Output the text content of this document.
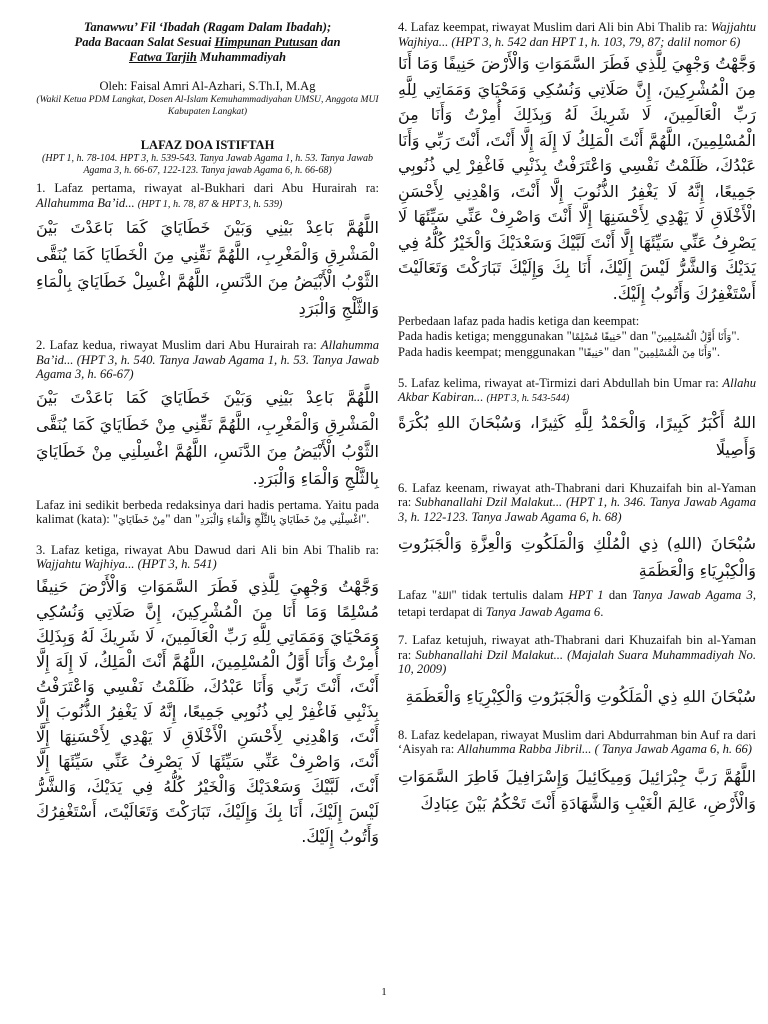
Tanawwu’ Fil ‘Ibadah (Ragam Dalam Ibadah);
Pada Bacaan Salat Sesuai Himpunan Putusan dan
Fatwa Tarjih Muhammadiyah
Oleh: Faisal Amri Al-Azhari, S.Th.I, M.Ag
(Wakil Ketua PDM Langkat, Dosen Al-Islam Kemuhammadiyahan UMSU, Anggota MUI Kabupaten Langkat)
LAFAZ DOA ISTIFTAH
(HPT 1, h. 78-104. HPT 3, h. 539-543. Tanya Jawab Agama 1, h. 53. Tanya Jawab Agama 3, h. 66-67, 122-123. Tanya jawab Agama 6, h. 66-68)
1. Lafaz pertama, riwayat al-Bukhari dari Abu Hurairah ra: Allahumma Ba’id... (HPT 1, h. 78, 87 & HPT 3, h. 539)
اللَّهُمَّ بَاعِدْ بَيْنِي وَبَيْنَ خَطَايَايَ كَمَا بَاعَدْتَ بَيْنَ الْمَشْرِقِ وَالْمَغْرِبِ، اللَّهُمَّ نَقِّنِي مِنَ الْخَطَايَا كَمَا يُنَقَّى الثَّوْبُ الْأَبْيَضُ مِنَ الدَّنَسِ، اللَّهُمَّ اغْسِلْ خَطَايَايَ بِالْمَاءِ وَالثَّلْجِ وَالْبَرَدِ
2. Lafaz kedua, riwayat Muslim dari Abu Hurairah ra: Allahumma Ba’id... (HPT 3, h. 540. Tanya Jawab Agama 1, h. 53. Tanya Jawab Agama 3, h. 66-67)
اللَّهُمَّ بَاعِدْ بَيْنِي وَبَيْنَ خَطَايَايَ كَمَا بَاعَدْتَ بَيْنَ الْمَشْرِقِ وَالْمَغْرِبِ، اللَّهُمَّ نَقِّنِي مِنْ خَطَايَايَ كَمَا يُنَقَّى الثَّوْبُ الْأَبْيَضُ مِنَ الدَّنَسِ، اللَّهُمَّ اغْسِلْنِي مِنْ خَطَايَايَ بِالثَّلْجِ وَالْمَاءِ وَالْبَرَدِ.
Lafaz ini sedikit berbeda redaksinya dari hadis pertama. Yaitu pada kalimat (kata): "مِنْ خَطَايَايَ" dan "اغْسِلْنِي مِنْ خَطَايَايَ بِالثَّلْجِ وَالْمَاءِ وَالْبَرَدِ".
3. Lafaz ketiga, riwayat Abu Dawud dari Ali bin Abi Thalib ra: Wajjahtu Wajhiya... (HPT 3, h. 541)
وَجَّهْتُ وَجْهِيَ لِلَّذِي فَطَرَ السَّمَوَاتِ وَالْأَرْضَ حَنِيفًا مُسْلِمًا وَمَا أَنَا مِنَ الْمُشْرِكِينَ، إِنَّ صَلَاتِي وَنُسُكِي وَمَحْيَايَ وَمَمَاتِي لِلَّهِ رَبِّ الْعَالَمِينَ، لَا شَرِيكَ لَهُ وَبِذَلِكَ أُمِرْتُ وَأَنَا أَوَّلُ الْمُسْلِمِينَ، اللَّهُمَّ أَنْتَ الْمَلِكُ، لَا إِلَهَ إِلَّا أَنْتَ، أَنْتَ رَبِّي وَأَنَا عَبْدُكَ، ظَلَمْتُ نَفْسِي وَاعْتَرَفْتُ بِذَنْبِي فَاغْفِرْ لِي ذُنُوبِي جَمِيعًا، إِنَّهُ لَا يَغْفِرُ الذُّنُوبَ إِلَّا أَنْتَ، وَاهْدِنِي لِأَحْسَنِ الْأَخْلَاقِ لَا يَهْدِي لِأَحْسَنِهَا إِلَّا أَنْتَ، وَاصْرِفْ عَنِّي سَيِّئَهَا لَا يَصْرِفُ عَنِّي سَيِّئَهَا إِلَّا أَنْتَ، لَبَّيْكَ وَسَعْدَيْكَ وَالْخَيْرُ كُلُّهُ فِي يَدَيْكَ، وَالشَّرُّ لَيْسَ إِلَيْكَ، أَنَا بِكَ وَإِلَيْكَ، تَبَارَكْتَ وَتَعَالَيْتَ، أَسْتَغْفِرُكَ وَأَتُوبُ إِلَيْكَ.
4. Lafaz keempat, riwayat Muslim dari Ali bin Abi Thalib ra: Wajjahtu Wajhiya... (HPT 3, h. 542 dan HPT 1, h. 103, 79, 87; dalil nomor 6)
وَجَّهْتُ وَجْهِيَ لِلَّذِي فَطَرَ السَّمَوَاتِ وَالْأَرْضَ حَنِيفًا وَمَا أَنَا مِنَ الْمُشْرِكِينَ، إِنَّ صَلَاتِي وَنُسُكِي وَمَحْيَايَ وَمَمَاتِي لِلَّهِ رَبِّ الْعَالَمِينَ، لَا شَرِيكَ لَهُ وَبِذَلِكَ أُمِرْتُ وَأَنَا مِنَ الْمُسْلِمِينَ، اللَّهُمَّ أَنْتَ الْمَلِكُ لَا إِلَهَ إِلَّا أَنْتَ، أَنْتَ رَبِّي وَأَنَا عَبْدُكَ، ظَلَمْتُ نَفْسِي وَاعْتَرَفْتُ بِذَنْبِي فَاغْفِرْ لِي ذُنُوبِي جَمِيعًا، إِنَّهُ لَا يَغْفِرُ الذُّنُوبَ إِلَّا أَنْتَ، وَاهْدِنِي لِأَحْسَنِ الْأَخْلَاقِ لَا يَهْدِي لِأَحْسَنِهَا إِلَّا أَنْتَ وَاصْرِفْ عَنِّي سَيِّئَهَا لَا يَصْرِفُ عَنِّي سَيِّئَهَا إِلَّا أَنْتَ لَبَّيْكَ وَسَعْدَيْكَ وَالْخَيْرُ كُلُّهُ فِي يَدَيْكَ وَالشَّرُّ لَيْسَ إِلَيْكَ، أَنَا بِكَ وَإِلَيْكَ تَبَارَكْتَ وَتَعَالَيْتَ أَسْتَغْفِرُكَ وَأَتُوبُ إِلَيْكَ.
Perbedaan lafaz pada hadis ketiga dan keempat:
Pada hadis ketiga; menggunakan "حَنِيفًا مُسْلِمًا" dan "وَأَنَا أَوَّلُ الْمُسْلِمِينَ".
Pada hadis keempat; menggunakan "حَنِيفًا" dan "وَأَنَا مِنَ الْمُسْلِمِينَ".
5. Lafaz kelima, riwayat at-Tirmizi dari Abdullah bin Umar ra: Allahu Akbar Kabiran... (HPT 3, h. 543-544)
اللهُ أَكْبَرُ كَبِيرًا، وَالْحَمْدُ لِلَّهِ كَثِيرًا، وَسُبْحَانَ اللهِ بُكْرَةً وَأَصِيلًا
6. Lafaz keenam, riwayat ath-Thabrani dari Khuzaifah bin al-Yaman ra: Subhanallahi Dzil Malakut... (HPT 1, h. 346. Tanya Jawab Agama 3, h. 122-123. Tanya Jawab Agama 6, h. 68)
سُبْحَانَ (اللهِ) ذِي الْمُلْكِ وَالْمَلَكُوتِ وَالْعِزَّةِ وَالْجَبَرُوتِ وَالْكِبْرِيَاءِ وَالْعَظَمَةِ
Lafaz "اللهُ" tidak tertulis dalam HPT 1 dan Tanya Jawab Agama 3, tetapi terdapat di Tanya Jawab Agama 6.
7. Lafaz ketujuh, riwayat ath-Thabrani dari Khuzaifah bin al-Yaman ra: Subhanallahi Dzil Malakut... (Majalah Suara Muhammadiyah No. 10, 2009)
سُبْحَانَ اللهِ ذِي الْمَلَكُوتِ وَالْجَبَرُوتِ وَالْكِبْرِيَاءِ وَالْعَظَمَةِ
8. Lafaz kedelapan, riwayat Muslim dari Abdurrahman bin Auf ra dari ‘Aisyah ra: Allahumma Rabba Jibril... ( Tanya Jawab Agama 6, h. 66)
اللَّهُمَّ رَبَّ جِبْرَائِيلَ وَمِيكَائِيلَ وَإِسْرَافِيلَ فَاطِرَ السَّمَوَاتِ وَالْأَرْضِ، عَالِمَ الْغَيْبِ وَالشَّهَادَةِ أَنْتَ تَحْكُمُ بَيْنَ عِبَادِكَ
1
